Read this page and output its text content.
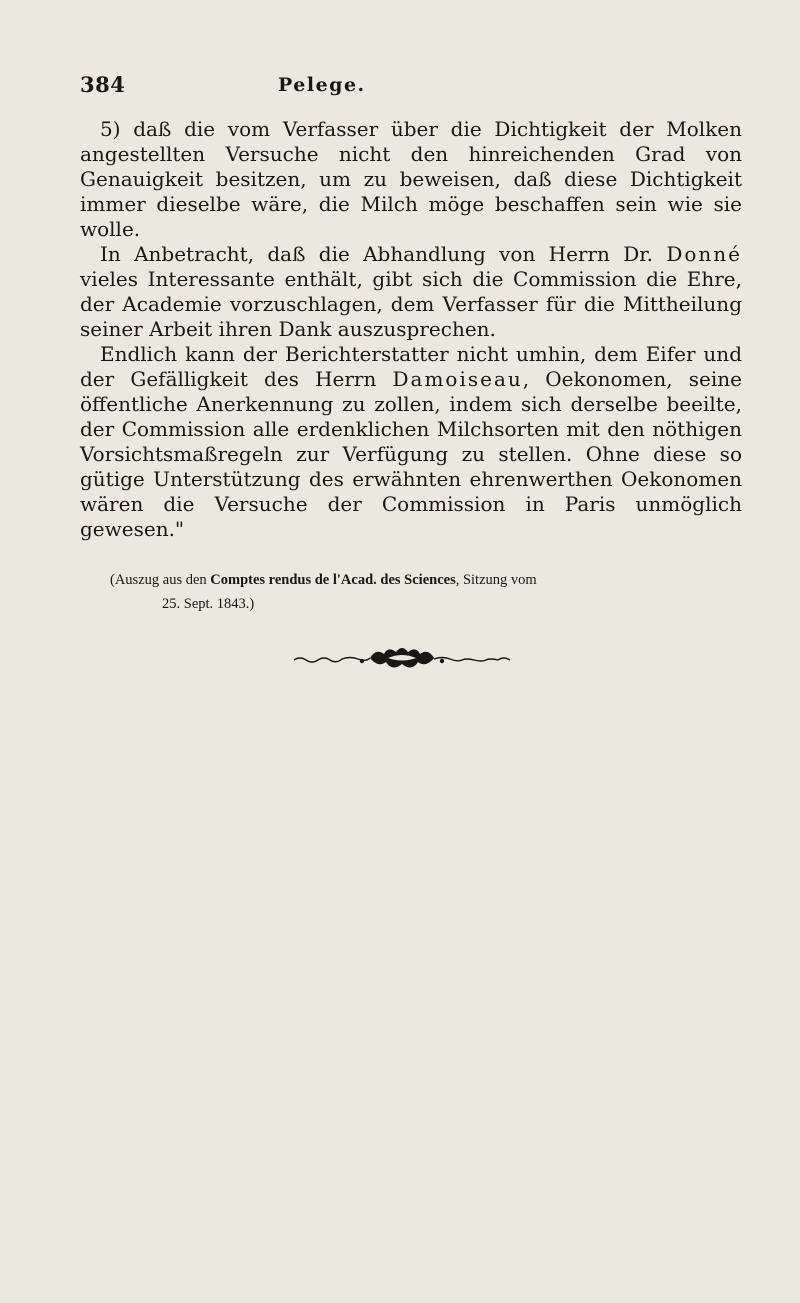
384	Pelege.

5) daß die vom Verfasser über die Dichtigkeit der Molken angestellten Versuche nicht den hinreichenden Grad von Genauigkeit besitzen, um zu beweisen, daß diese Dichtigkeit immer dieselbe wäre, die Milch möge beschaffen sein wie sie wolle.

In Anbetracht, daß die Abhandlung von Herrn Dr. Donné vieles Interessante enthält, gibt sich die Commission die Ehre, der Academie vorzuschlagen, dem Verfasser für die Mittheilung seiner Arbeit ihren Dank auszusprechen.

Endlich kann der Berichterstatter nicht umhin, dem Eifer und der Gefälligkeit des Herrn Damoiseau, Oekonomen, seine öffentliche Anerkennung zu zollen, indem sich derselbe beeilte, der Commission alle erdenklichen Milchsorten mit den nöthigen Vorsichtsmaßregeln zur Verfügung zu stellen. Ohne diese so gütige Unterstützung des erwähnten ehrenwerthen Oekonomen wären die Versuche der Commission in Paris unmöglich gewesen."

(Auszug aus den Comptes rendus de l'Acad. des Sciences, Sitzung vom
25. Sept. 1843.)
